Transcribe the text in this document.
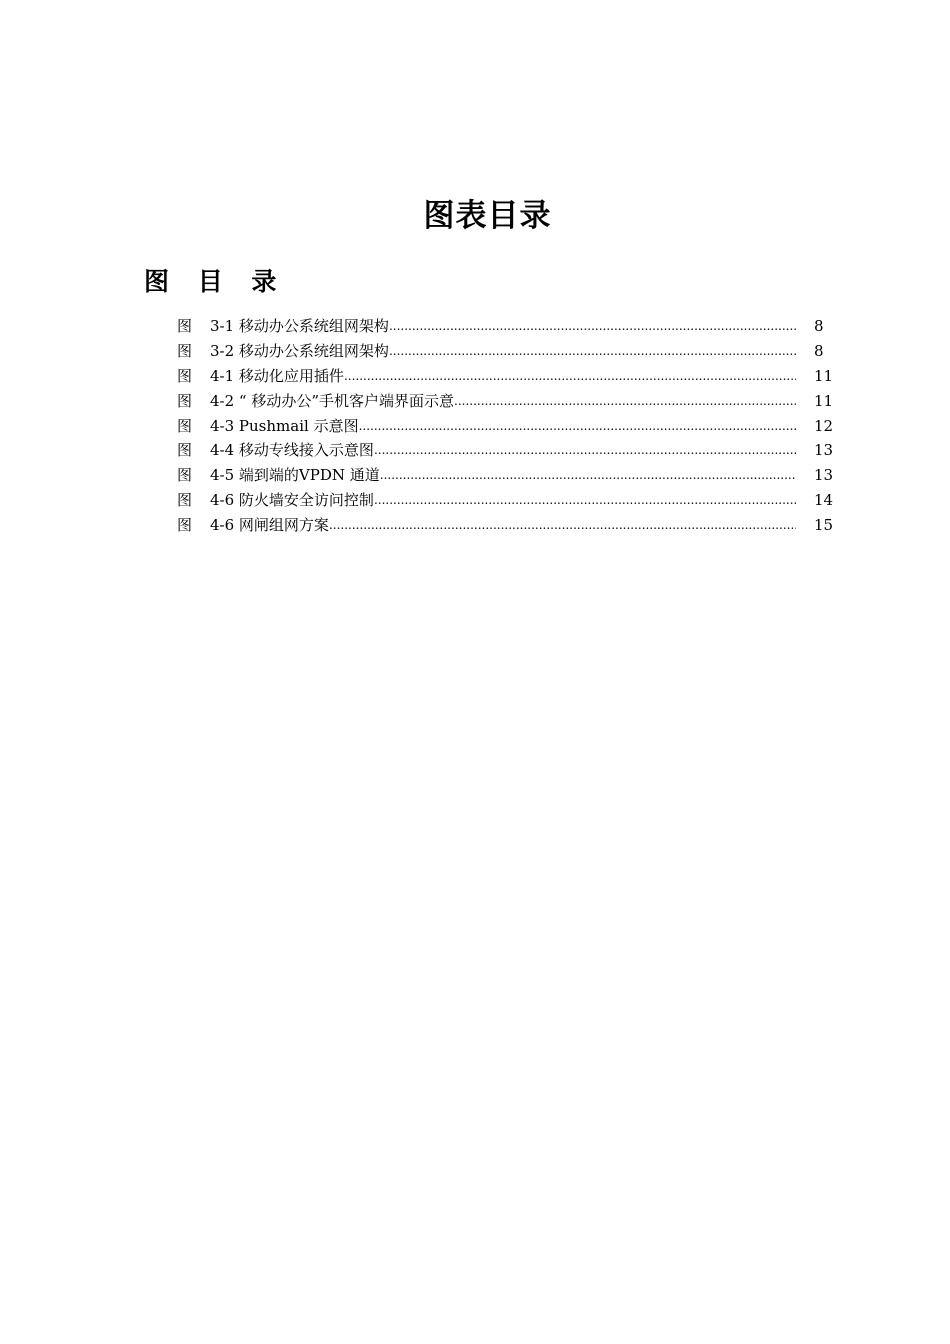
图表目录
图 目 录
图	3-1 移动办公系统组网架构 .....	8
图	3-2 移动办公系统组网架构 .....	8
图	4-1 移动化应用插件 .....	11
图	4-2 “ 移动办公”手机客户端界面示意 .....	11
图	4-3 Pushmail 示意图 .....	12
图	4-4 移动专线接入示意图 .....	13
图	4-5 端到端的VPDN 通道 .....	13
图	4-6 防火墙安全访问控制 .....	14
图	4-6 网闸组网方案 .....	15
